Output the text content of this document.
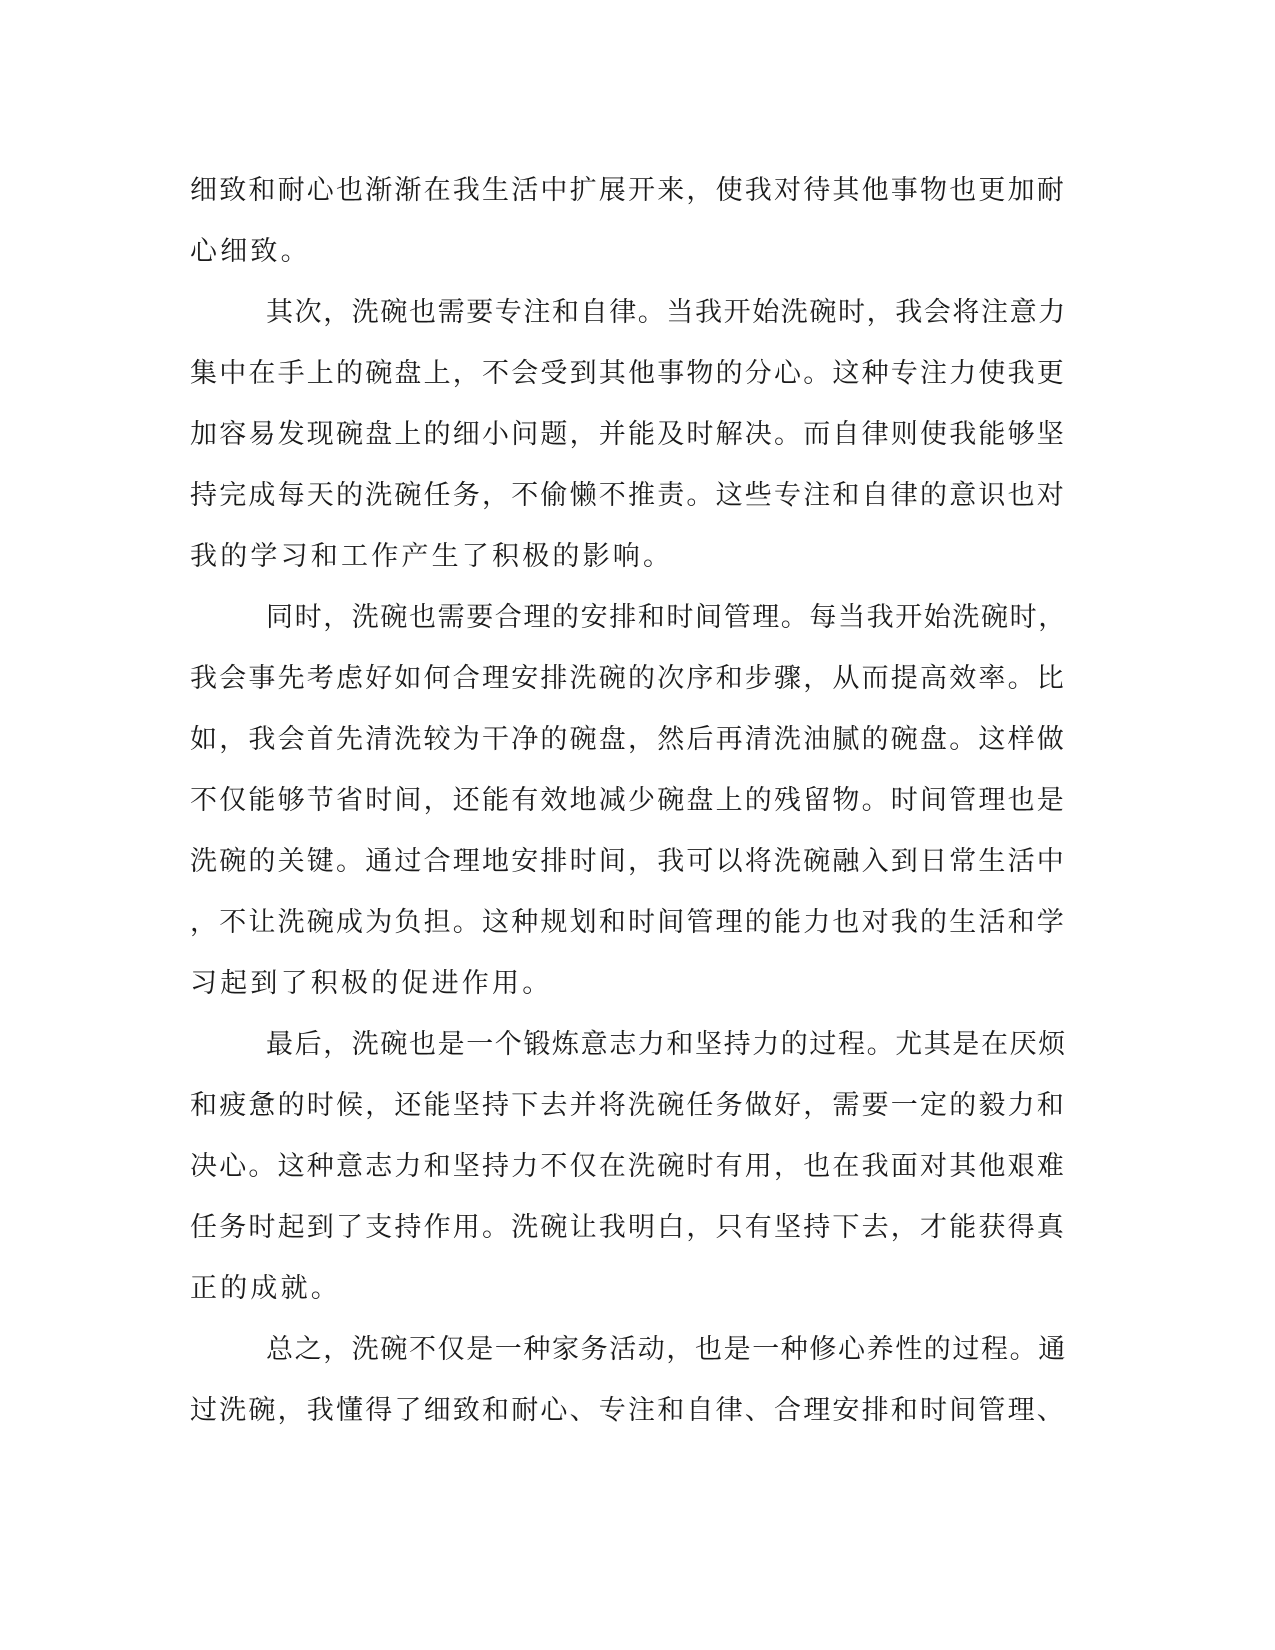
细致和耐心也渐渐在我生活中扩展开来，使我对待其他事物也更加耐
心细致。
其次，洗碗也需要专注和自律。当我开始洗碗时，我会将注意力
集中在手上的碗盘上，不会受到其他事物的分心。这种专注力使我更
加容易发现碗盘上的细小问题，并能及时解决。而自律则使我能够坚
持完成每天的洗碗任务，不偷懒不推责。这些专注和自律的意识也对
我的学习和工作产生了积极的影响。
同时，洗碗也需要合理的安排和时间管理。每当我开始洗碗时，
我会事先考虑好如何合理安排洗碗的次序和步骤，从而提高效率。比
如，我会首先清洗较为干净的碗盘，然后再清洗油腻的碗盘。这样做
不仅能够节省时间，还能有效地减少碗盘上的残留物。时间管理也是
洗碗的关键。通过合理地安排时间，我可以将洗碗融入到日常生活中
，不让洗碗成为负担。这种规划和时间管理的能力也对我的生活和学
习起到了积极的促进作用。
最后，洗碗也是一个锻炼意志力和坚持力的过程。尤其是在厌烦
和疲惫的时候，还能坚持下去并将洗碗任务做好，需要一定的毅力和
决心。这种意志力和坚持力不仅在洗碗时有用，也在我面对其他艰难
任务时起到了支持作用。洗碗让我明白，只有坚持下去，才能获得真
正的成就。
总之，洗碗不仅是一种家务活动，也是一种修心养性的过程。通
过洗碗，我懂得了细致和耐心、专注和自律、合理安排和时间管理、
